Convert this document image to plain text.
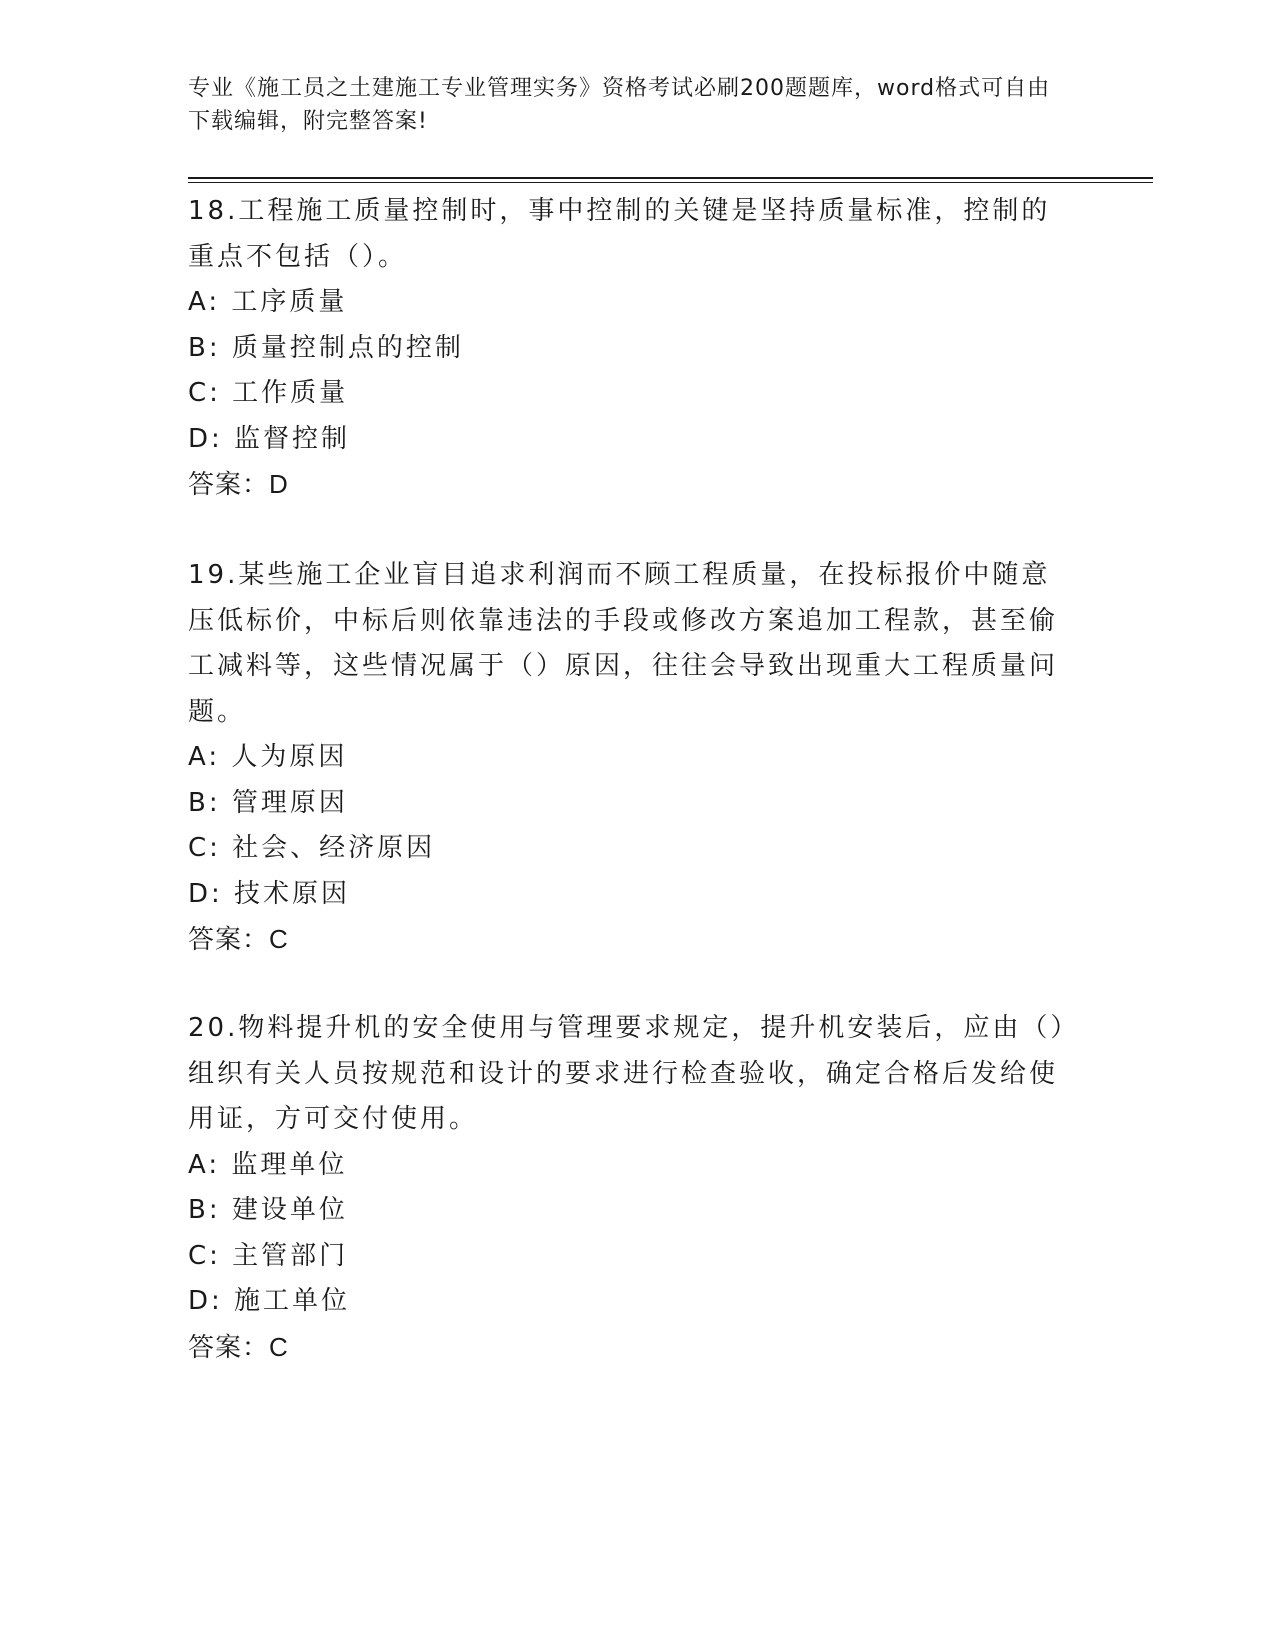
专业《施工员之土建施工专业管理实务》资格考试必刷200题题库，word格式可自由下载编辑，附完整答案!

18.工程施工质量控制时，事中控制的关键是坚持质量标准，控制的重点不包括（）。

A: 工序质量

B: 质量控制点的控制

C: 工作质量

D: 监督控制

答案：D

19.某些施工企业盲目追求利润而不顾工程质量，在投标报价中随意压低标价，中标后则依靠违法的手段或修改方案追加工程款，甚至偷工减料等，这些情况属于（）原因，往往会导致出现重大工程质量问题。

A: 人为原因

B: 管理原因

C: 社会、经济原因

D: 技术原因

答案：C

20.物料提升机的安全使用与管理要求规定，提升机安装后，应由（）组织有关人员按规范和设计的要求进行检查验收，确定合格后发给使用证，方可交付使用。

A: 监理单位

B: 建设单位

C: 主管部门

D: 施工单位

答案：C
